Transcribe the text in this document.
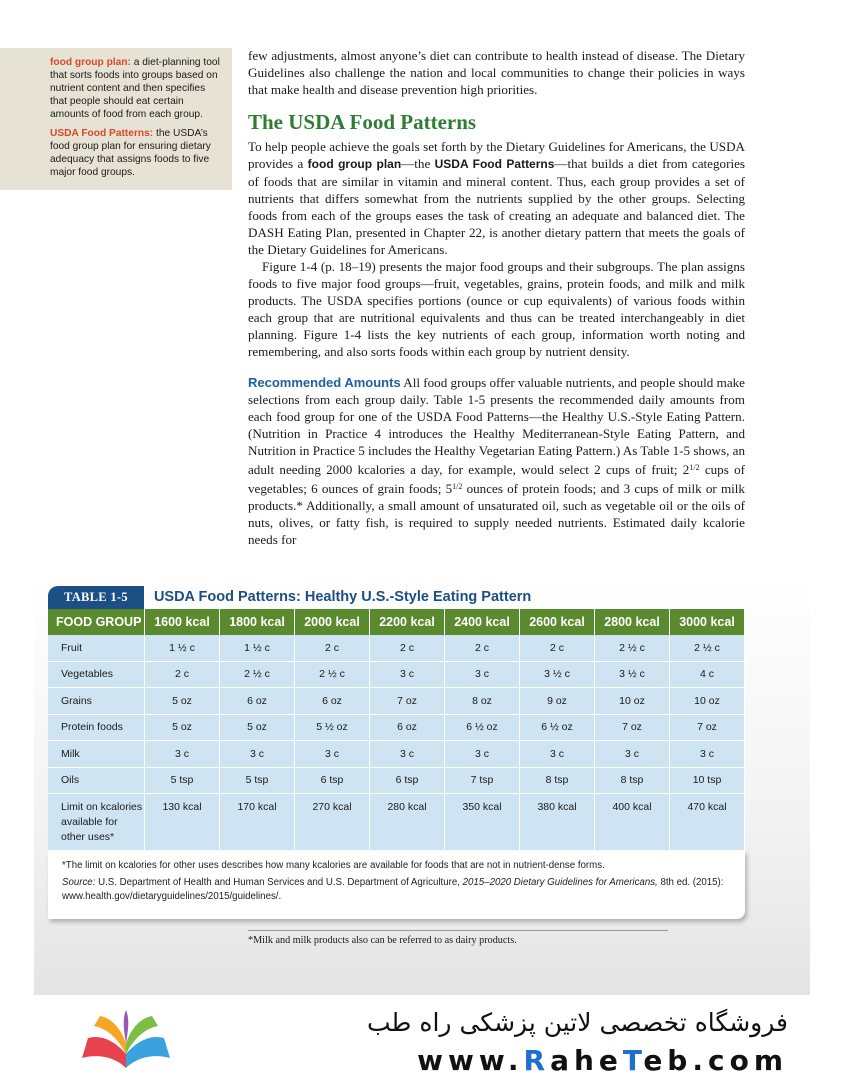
food group plan: a diet-planning tool that sorts foods into groups based on nutrient content and then specifies that people should eat certain amounts of food from each group.

USDA Food Patterns: the USDA’s food group plan for ensuring dietary adequacy that assigns foods to five major food groups.

few adjustments, almost anyone’s diet can contribute to health instead of disease. The Dietary Guidelines also challenge the nation and local communities to change their policies in ways that make health and disease prevention high priorities.

The USDA Food Patterns

To help people achieve the goals set forth by the Dietary Guidelines for Americans, the USDA provides a food group plan—the USDA Food Patterns—that builds a diet from categories of foods that are similar in vitamin and mineral content. Thus, each group provides a set of nutrients that differs somewhat from the nutrients supplied by the other groups. Selecting foods from each of the groups eases the task of creating an adequate and balanced diet. The DASH Eating Plan, presented in Chapter 22, is another dietary pattern that meets the goals of the Dietary Guidelines for Americans.

Figure 1-4 (p. 18–19) presents the major food groups and their subgroups. The plan assigns foods to five major food groups—fruit, vegetables, grains, protein foods, and milk and milk products. The USDA specifies portions (ounce or cup equivalents) of various foods within each group that are nutritional equivalents and thus can be treated interchangeably in diet planning. Figure 1-4 lists the key nutrients of each group, information worth noting and remembering, and also sorts foods within each group by nutrient density.

Recommended Amounts All food groups offer valuable nutrients, and people should make selections from each group daily. Table 1-5 presents the recommended daily amounts from each food group for one of the USDA Food Patterns—the Healthy U.S.-Style Eating Pattern. (Nutrition in Practice 4 introduces the Healthy Mediterranean-Style Eating Pattern, and Nutrition in Practice 5 includes the Healthy Vegetarian Eating Pattern.) As Table 1-5 shows, an adult needing 2000 kcalories a day, for example, would select 2 cups of fruit; $2^{1/2}$ cups of vegetables; 6 ounces of grain foods; $5^{1/2}$ ounces of protein foods; and 3 cups of milk or milk products.* Additionally, a small amount of unsaturated oil, such as vegetable oil or the oils of nuts, olives, or fatty fish, is required to supply needed nutrients. Estimated daily kcalorie needs for

TABLE 1-5	USDA Food Patterns: Healthy U.S.-Style Eating Pattern
FOOD GROUP	1600 kcal	1800 kcal	2000 kcal	2200 kcal	2400 kcal	2600 kcal	2800 kcal	3000 kcal
Fruit	1 ½ c	1 ½ c	2 c	2 c	2 c	2 c	2 ½ c	2 ½ c
Vegetables	2 c	2 ½ c	2 ½ c	3 c	3 c	3 ½ c	3 ½ c	4 c
Grains	5 oz	6 oz	6 oz	7 oz	8 oz	9 oz	10 oz	10 oz
Protein foods	5 oz	5 oz	5 ½ oz	6 oz	6 ½ oz	6 ½ oz	7 oz	7 oz
Milk	3 c	3 c	3 c	3 c	3 c	3 c	3 c	3 c
Oils	5 tsp	5 tsp	6 tsp	6 tsp	7 tsp	8 tsp	8 tsp	10 tsp
Limit on kcalories available for other uses*	130 kcal	170 kcal	270 kcal	280 kcal	350 kcal	380 kcal	400 kcal	470 kcal

*The limit on kcalories for other uses describes how many kcalories are available for foods that are not in nutrient-dense forms.

Source: U.S. Department of Health and Human Services and U.S. Department of Agriculture, 2015–2020 Dietary Guidelines for Americans, 8th ed. (2015): www.health.gov/dietaryguidelines/2015/guidelines/.

*Milk and milk products also can be referred to as dairy products.
فروشگاه تخصصی لاتین پزشکی راه طب
www.RaheTeb.com
